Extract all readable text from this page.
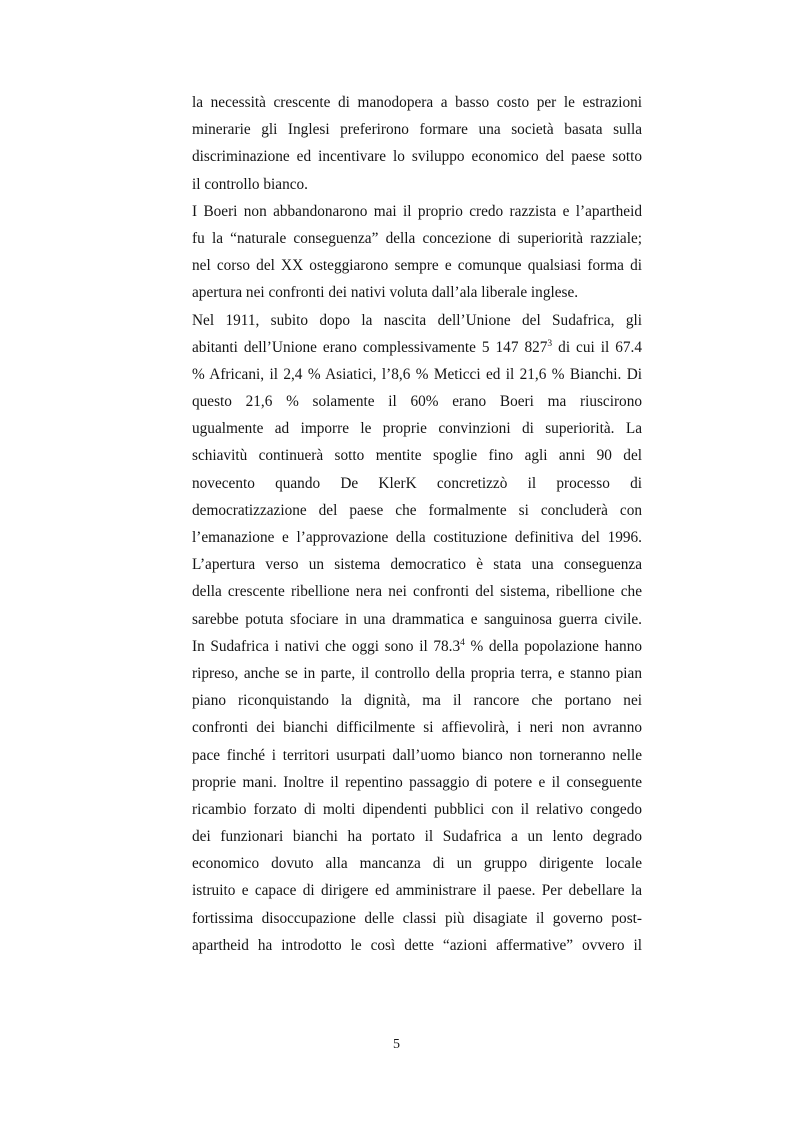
la necessità crescente di manodopera a basso costo per le estrazioni
minerarie gli Inglesi preferirono formare una società basata sulla
discriminazione ed incentivare lo sviluppo economico del paese sotto
il controllo bianco.
I Boeri non abbandonarono mai il proprio credo razzista e l’apartheid
fu la “naturale conseguenza” della concezione di superiorità razziale;
nel corso del XX osteggiarono sempre e comunque qualsiasi forma di
apertura nei confronti dei nativi voluta dall’ala liberale inglese.
Nel 1911, subito dopo la nascita dell’Unione del Sudafrica, gli
abitanti dell’Unione erano complessivamente 5 147 $827^3$ di cui il 67.4
% Africani, il 2,4 % Asiatici, l’8,6 % Meticci ed il 21,6 % Bianchi. Di
questo 21,6 % solamente il 60% erano Boeri ma riuscirono
ugualmente ad imporre le proprie convinzioni di superiorità. La
schiavitù continuerà sotto mentite spoglie fino agli anni 90 del
novecento quando De KlerK concretizzò il processo di
democratizzazione del paese che formalmente si concluderà con
l’emanazione e l’approvazione della costituzione definitiva del 1996.
L’apertura verso un sistema democratico è stata una conseguenza
della crescente ribellione nera nei confronti del sistema, ribellione che
sarebbe potuta sfociare in una drammatica e sanguinosa guerra civile.
In Sudafrica i nativi che oggi sono il 78.3$^4$ % della popolazione hanno
ripreso, anche se in parte, il controllo della propria terra, e stanno pian
piano riconquistando la dignità, ma il rancore che portano nei
confronti dei bianchi difficilmente si affievolirà, i neri non avranno
pace finché i territori usurpati dall’uomo bianco non torneranno nelle
proprie mani. Inoltre il repentino passaggio di potere e il conseguente
ricambio forzato di molti dipendenti pubblici con il relativo congedo
dei funzionari bianchi ha portato il Sudafrica a un lento degrado
economico dovuto alla mancanza di un gruppo dirigente locale
istruito e capace di dirigere ed amministrare il paese. Per debellare la
fortissima disoccupazione delle classi più disagiate il governo post-
apartheid ha introdotto le così dette “azioni affermative” ovvero il
5
